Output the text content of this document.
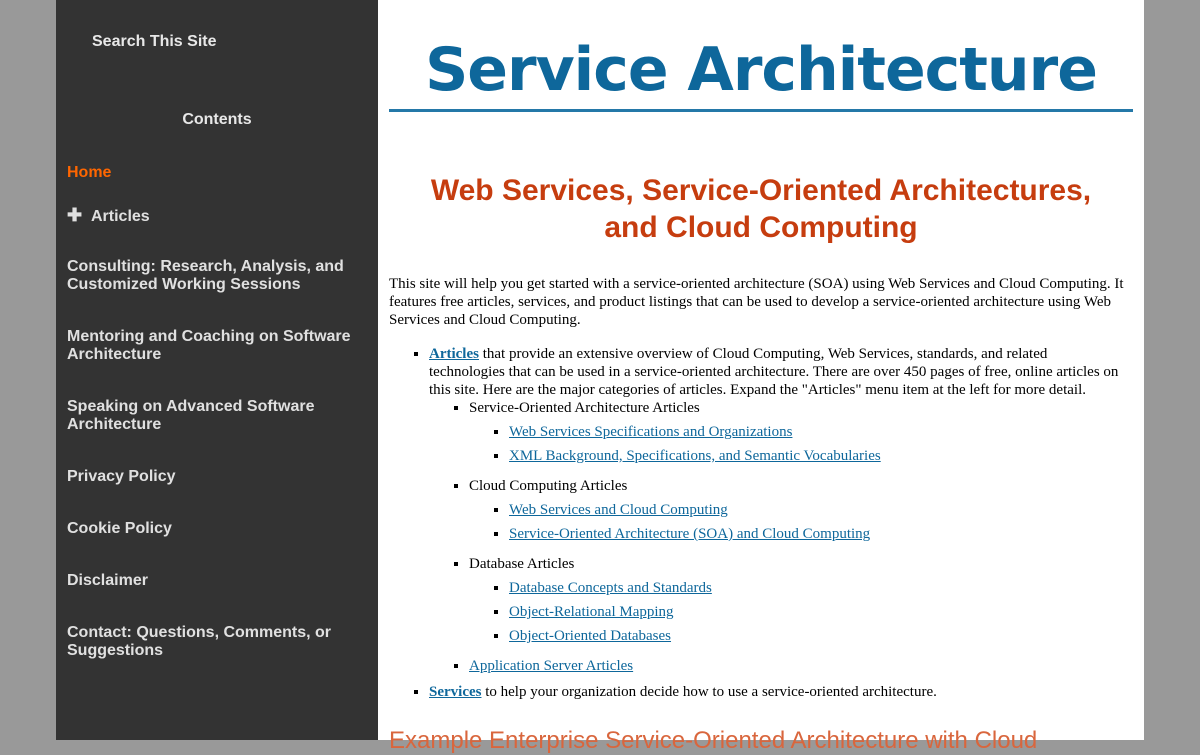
Search This Site
Contents
Home
✚ Articles
Consulting: Research, Analysis, and Customized Working Sessions
Mentoring and Coaching on Software Architecture
Speaking on Advanced Software Architecture
Privacy Policy
Cookie Policy
Disclaimer
Contact: Questions, Comments, or Suggestions
Service Architecture
Web Services, Service-Oriented Architectures,
and Cloud Computing
This site will help you get started with a service-oriented architecture (SOA) using Web Services and Cloud Computing. It features free articles, services, and product listings that can be used to develop a service-oriented architecture using Web Services and Cloud Computing.
▪ Articles that provide an extensive overview of Cloud Computing, Web Services, standards, and related technologies that can be used in a service-oriented architecture. There are over 450 pages of free, online articles on this site. Here are the major categories of articles. Expand the "Articles" menu item at the left for more detail.
▪ Service-Oriented Architecture Articles
▪ Web Services Specifications and Organizations
▪ XML Background, Specifications, and Semantic Vocabularies
▪ Cloud Computing Articles
▪ Web Services and Cloud Computing
▪ Service-Oriented Architecture (SOA) and Cloud Computing
▪ Database Articles
▪ Database Concepts and Standards
▪ Object-Relational Mapping
▪ Object-Oriented Databases
▪ Application Server Articles
▪ Services to help your organization decide how to use a service-oriented architecture.
Example Enterprise Service-Oriented Architecture with Cloud
